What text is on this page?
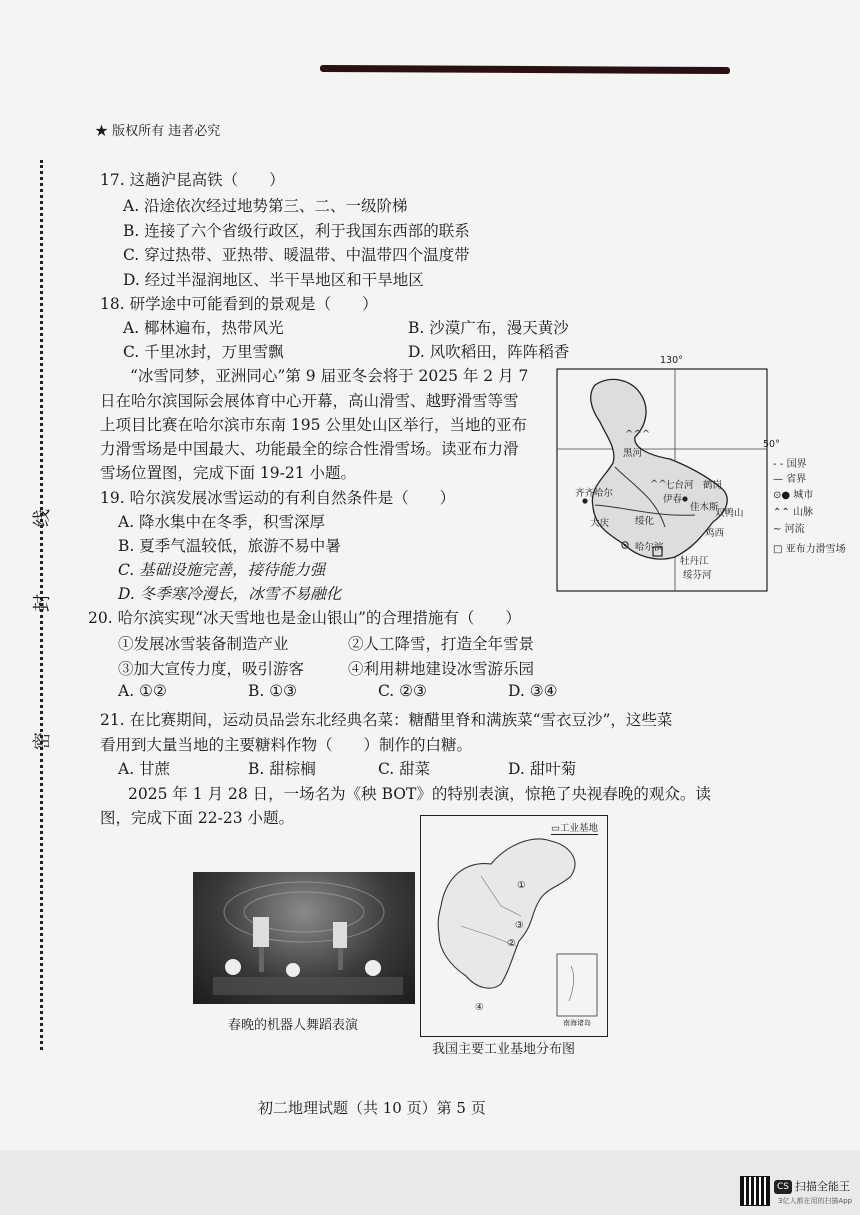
★ 版权所有 违者必究
线
封
密
17. 这趟沪昆高铁（　　）
A. 沿途依次经过地势第三、二、一级阶梯
B. 连接了六个省级行政区，利于我国东西部的联系
C. 穿过热带、亚热带、暖温带、中温带四个温度带
D. 经过半湿润地区、半干旱地区和干旱地区
18. 研学途中可能看到的景观是（　　）
A. 椰林遍布，热带风光	B. 沙漠广布，漫天黄沙
C. 千里冰封，万里雪飘	D. 风吹稻田，阵阵稻香
“冰雪同梦，亚洲同心”第 9 届亚冬会将于 2025 年 2 月 7
日在哈尔滨国际会展体育中心开幕，高山滑雪、越野滑雪等雪
上项目比赛在哈尔滨市东南 195 公里处山区举行，当地的亚布
力滑雪场是中国最大、功能最全的综合性滑雪场。读亚布力滑
雪场位置图，完成下面 19-21 小题。
130°
50°
^^^
^^
黑河
齐齐哈尔
伊春
佳木斯
大庆	绥化
哈尔滨
牡丹江
鸡西
绥芬河
双鸭山
七台河 鹤岗
- - 国界
— 省界
⊙● 城市
⌃⌃ 山脉
∼ 河流
□ 亚布力滑雪场
19. 哈尔滨发展冰雪运动的有利自然条件是（　　）
A. 降水集中在冬季，积雪深厚
B. 夏季气温较低，旅游不易中暑
C. 基础设施完善，接待能力强
D. 冬季寒冷漫长，冰雪不易融化
20. 哈尔滨实现“冰天雪地也是金山银山”的合理措施有（　　）
①发展冰雪装备制造产业	②人工降雪，打造全年雪景
③加大宣传力度，吸引游客	④利用耕地建设冰雪游乐园
A. ①②	B. ①③	C. ②③	D. ③④
21. 在比赛期间，运动员品尝东北经典名菜：糖醋里脊和满族菜“雪衣豆沙”，这些菜
看用到大量当地的主要糖料作物（　　）制作的白糖。
A. 甘蔗	B. 甜棕榈	C. 甜菜	D. 甜叶菊
2025 年 1 月 28 日，一场名为《秧 BOT》的特别表演，惊艳了央视春晚的观众。读
图，完成下面 22-23 小题。
春晚的机器人舞蹈表演
▭工业基地
①
②
③
④
南海诸岛
我国主要工业基地分布图
初二地理试题（共 10 页）第 5 页
CS 扫描全能王
3亿人都在用的扫描App
